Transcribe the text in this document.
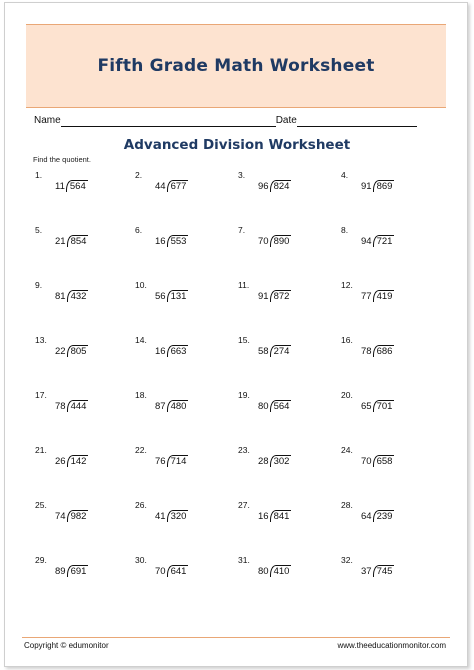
Fifth Grade Math Worksheet
Name	Date
Advanced Division Worksheet
Find the quotient.
1.
11 564
2.
44 677
3.
96 824
4.
91 869
5.
21 854
6.
16 553
7.
70 890
8.
94 721
9.
81 432
10.
56 131
11.
91 872
12.
77 419
13.
22 805
14.
16 663
15.
58 274
16.
78 686
17.
78 444
18.
87 480
19.
80 564
20.
65 701
21.
26 142
22.
76 714
23.
28 302
24.
70 658
25.
74 982
26.
41 320
27.
16 841
28.
64 239
29.
89 691
30.
70 641
31.
80 410
32.
37 745
Copyright © edumonitor	www.theeducationmonitor.com
